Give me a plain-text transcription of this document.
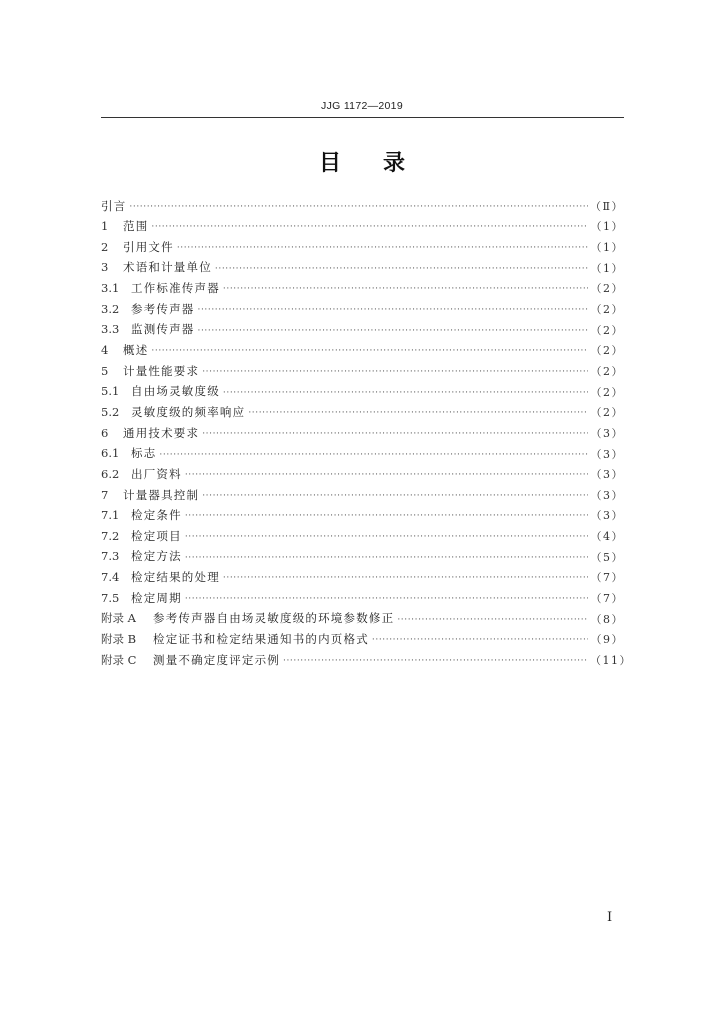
JJG 1172—2019
目 录
引言 ·····	（Ⅱ）
1	范围 ·····	（1）
2	引用文件 ·····	（1）
3	术语和计量单位 ·····	（1）
3.1	工作标准传声器 ·····	（2）
3.2	参考传声器 ·····	（2）
3.3	监测传声器 ·····	（2）
4	概述 ·····	（2）
5	计量性能要求 ·····	（2）
5.1	自由场灵敏度级 ·····	（2）
5.2	灵敏度级的频率响应 ·····	（2）
6	通用技术要求 ·····	（3）
6.1	标志 ·····	（3）
6.2	出厂资料 ·····	（3）
7	计量器具控制 ·····	（3）
7.1	检定条件 ·····	（3）
7.2	检定项目 ·····	（4）
7.3	检定方法 ·····	（5）
7.4	检定结果的处理 ·····	（7）
7.5	检定周期 ·····	（7）
附录 A	参考传声器自由场灵敏度级的环境参数修正 ·····	（8）
附录 B	检定证书和检定结果通知书的内页格式 ·····	（9）
附录 C	测量不确定度评定示例 ·····	（11）
I
